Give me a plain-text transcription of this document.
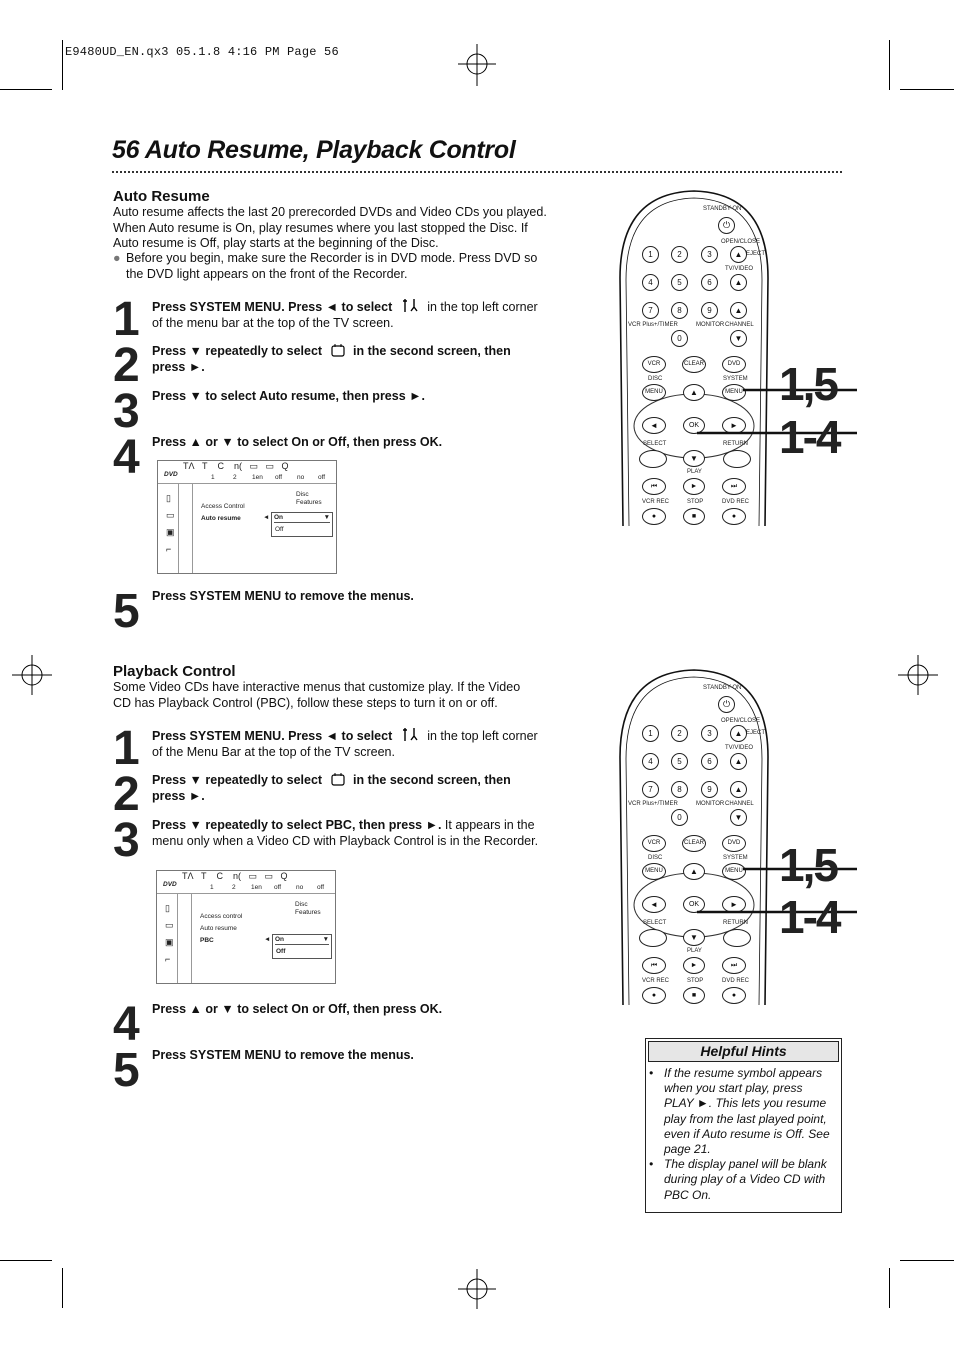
E9480UD_EN.qx3 05.1.8 4:16 PM Page 56
56 Auto Resume, Playback Control
Auto Resume
Auto resume affects the last 20 prerecorded DVDs and Video CDs you played. When Auto resume is On, play resumes where you last stopped the Disc. If Auto resume is Off, play starts at the beginning of the Disc.
● Before you begin, make sure the Recorder is in DVD mode. Press DVD so the DVD light appears on the front of the Recorder.
1
2
3
4
5
Press SYSTEM MENU. Press ◄ to select	in the top left corner of the menu bar at the top of the TV screen.
Press ▼ repeatedly to select  in the second screen, then press ►.
Press ▼ to select Auto resume, then press ►.
Press ▲ or ▼ to select On or Off, then press OK.
Press SYSTEM MENU to remove the menus.
DVD
TΛ   T    C    n(   ▭   ▭   Q
1	2 1en off no off
▯
▭
▣
⌐
Disc Features
Access Control
Auto resume	◄ On
Off
▼
Playback Control
Some Video CDs have interactive menus that customize play. If the Video CD has Playback Control (PBC), follow these steps to turn it on or off.
1
2
3
4
5
Press SYSTEM MENU. Press ◄ to select	in the top left corner of the Menu Bar at the top of the TV screen.
Press ▼ repeatedly to select  in the second screen, then press ►.
Press ▼ repeatedly to select PBC, then press ►. It appears in the menu only when a Video CD with Playback Control is in the Recorder.
Press ▲ or ▼ to select On or Off, then press OK.
Press SYSTEM MENU to remove the menus.
DVD
TΛ   T    C    n(   ▭   ▭   Q
1	2 1en off no off
▯
▭
▣
⌐
Disc Features
Access control
Auto resume
PBC	◄ On
Off
▼
STANDBY-ON
⏻
OPEN/CLOSE
1	2	3
4	5	6
7	8	9
▲ EJECT
TV/VIDEO
▲
▲
VCR Plus+/TIMER	MONITOR CHANNEL
0	▼
VCR	CLEAR	DVD
DISC	SYSTEM
MENU	▲	MENU
◄	OK	►
SELECT	RETURN
▼
PLAY
⏮	►	⏭
VCR REC	STOP	DVD REC
●	■	●
STANDBY-ON
⏻
OPEN/CLOSE
1	2	3
4	5	6
7	8	9
▲ EJECT
TV/VIDEO
▲
▲
VCR Plus+/TIMER	MONITOR CHANNEL
0	▼
VCR	CLEAR	DVD
DISC	SYSTEM
MENU	▲	MENU
◄	OK	►
SELECT	RETURN
▼
PLAY
⏮	►	⏭
VCR REC	STOP	DVD REC
●	■	●
1,5
1-4
1,5
1-4
Helpful Hints
• If the resume symbol appears when you start play, press PLAY ►. This lets you resume play from the last played point, even if Auto resume is Off. See page 21.
• The display panel will be blank during play of a Video CD with PBC On.
